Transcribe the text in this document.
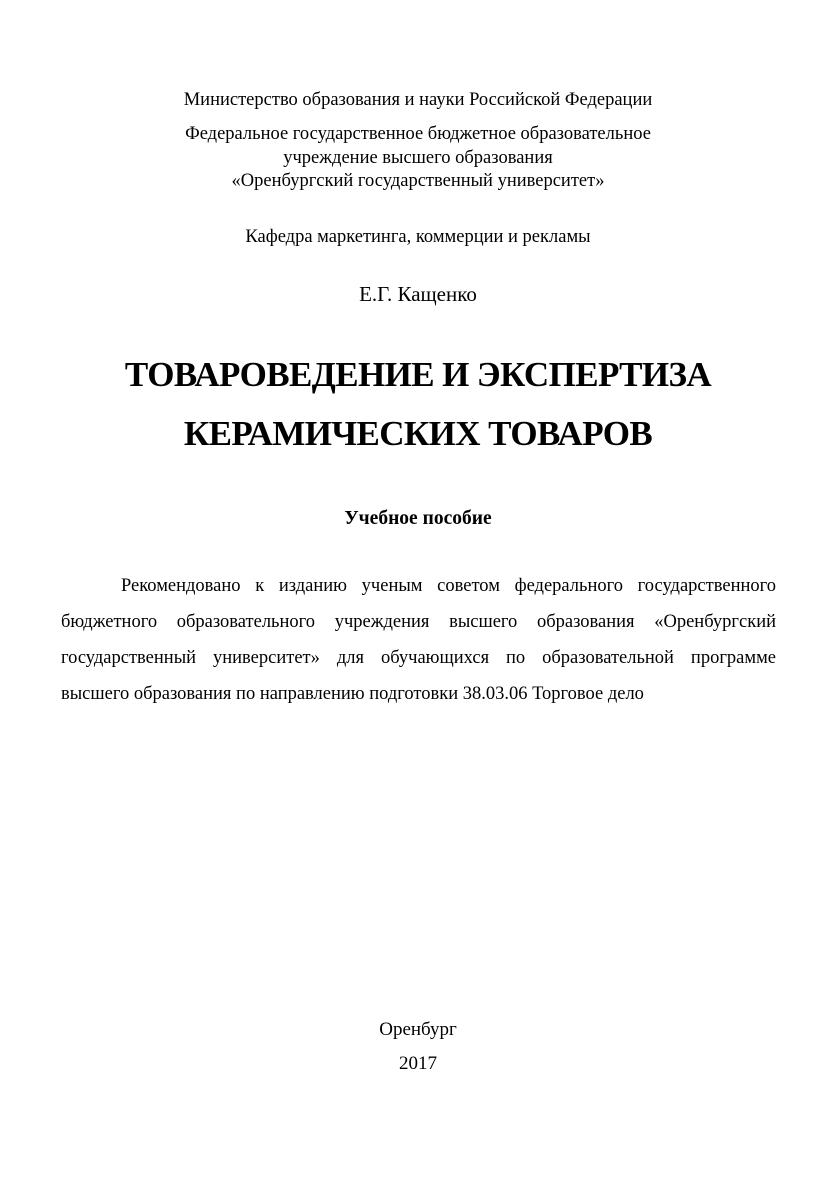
Министерство образования и науки Российской Федерации
Федеральное государственное бюджетное образовательное
учреждение высшего образования
«Оренбургский государственный университет»
Кафедра маркетинга, коммерции и рекламы
Е.Г. Кащенко
ТОВАРОВЕДЕНИЕ И ЭКСПЕРТИЗА
КЕРАМИЧЕСКИХ ТОВАРОВ
Учебное пособие
Рекомендовано к изданию ученым советом федерального государственного
бюджетного образовательного учреждения высшего образования «Оренбургский
государственный университет» для обучающихся по образовательной программе
высшего образования по направлению подготовки 38.03.06 Торговое дело
Оренбург
2017
